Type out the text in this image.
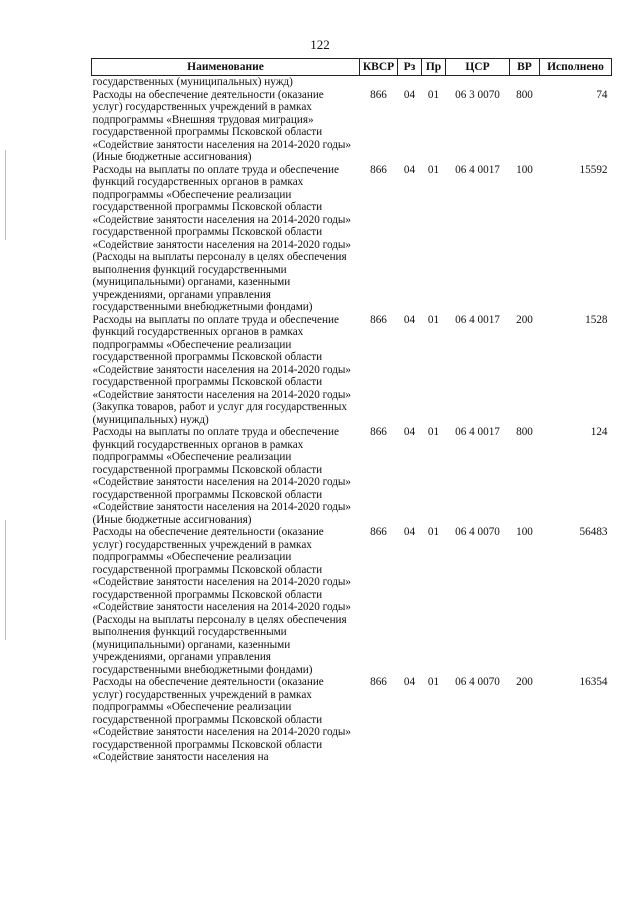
122
Наименование	КВСР	Рз	Пр	ЦСР	ВР	Исполнено
государственных (муниципальных) нужд)						
Расходы на обеспечение деятельности (оказание услуг) государственных учреждений в рамках подпрограммы «Внешняя трудовая миграция» государственной программы Псковской области «Содействие занятости населения на 2014-2020 годы» (Иные бюджетные ассигнования)	866	04	01	06 3 0070	800	74
Расходы на выплаты по оплате труда и обеспечение функций государственных органов в рамках подпрограммы «Обеспечение реализации государственной программы Псковской области «Содействие занятости населения на 2014-2020 годы» государственной программы Псковской области «Содействие занятости населения на 2014-2020 годы» (Расходы на выплаты персоналу в целях обеспечения выполнения функций государственными (муниципальными) органами, казенными учреждениями, органами управления государственными внебюджетными фондами)	866	04	01	06 4 0017	100	15592
Расходы на выплаты по оплате труда и обеспечение функций государственных органов в рамках подпрограммы «Обеспечение реализации государственной программы Псковской области «Содействие занятости населения на 2014-2020 годы» государственной программы Псковской области «Содействие занятости населения на 2014-2020 годы» (Закупка товаров, работ и услуг для государственных (муниципальных) нужд)	866	04	01	06 4 0017	200	1528
Расходы на выплаты по оплате труда и обеспечение функций государственных органов в рамках подпрограммы «Обеспечение реализации государственной программы Псковской области «Содействие занятости населения на 2014-2020 годы» государственной программы Псковской области «Содействие занятости населения на 2014-2020 годы» (Иные бюджетные ассигнования)	866	04	01	06 4 0017	800	124
Расходы на обеспечение деятельности (оказание услуг) государственных учреждений в рамках подпрограммы «Обеспечение реализации государственной программы Псковской области «Содействие занятости населения на 2014-2020 годы» государственной программы Псковской области «Содействие занятости населения на 2014-2020 годы» (Расходы на выплаты персоналу в целях обеспечения выполнения функций государственными (муниципальными) органами, казенными учреждениями, органами управления государственными внебюджетными фондами)	866	04	01	06 4 0070	100	56483
Расходы на обеспечение деятельности (оказание услуг) государственных учреждений в рамках подпрограммы «Обеспечение реализации государственной программы Псковской области «Содействие занятости населения на 2014-2020 годы» государственной программы Псковской области «Содействие занятости населения на	866	04	01	06 4 0070	200	16354
